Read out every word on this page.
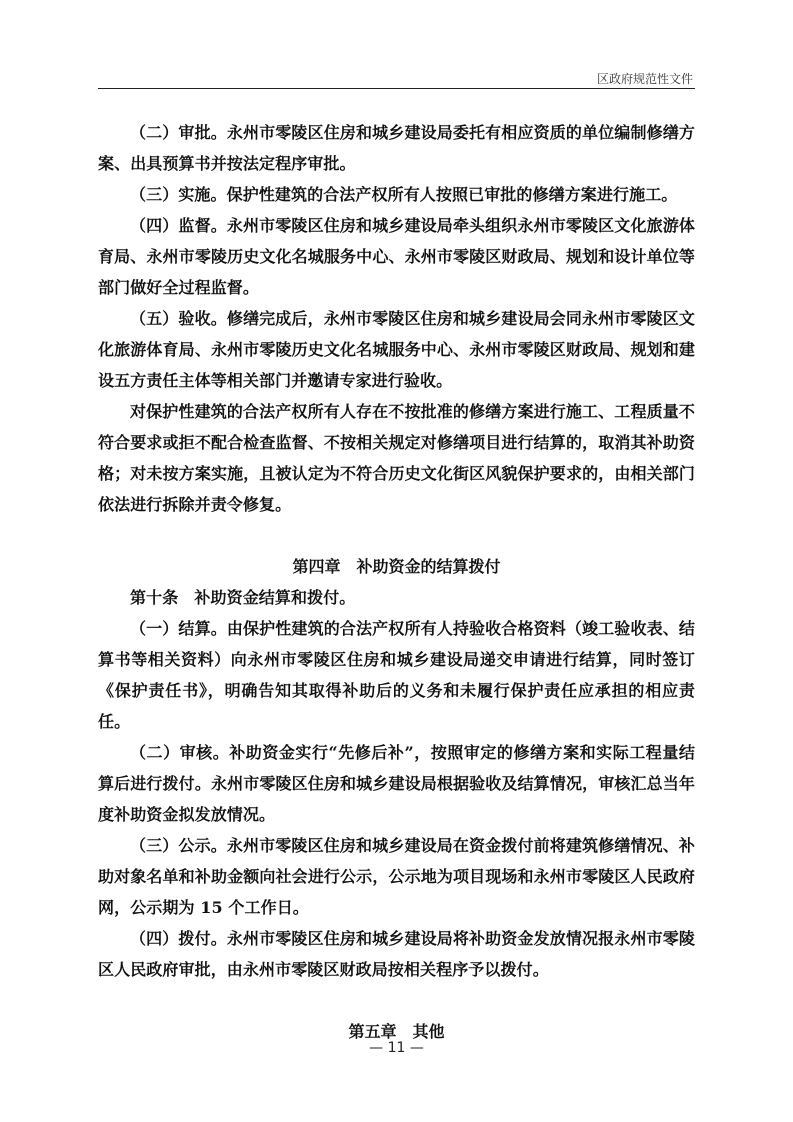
区政府规范性文件

（二）审批。永州市零陵区住房和城乡建设局委托有相应资质的单位编制修缮方案、出具预算书并按法定程序审批。

（三）实施。保护性建筑的合法产权所有人按照已审批的修缮方案进行施工。

（四）监督。永州市零陵区住房和城乡建设局牵头组织永州市零陵区文化旅游体育局、永州市零陵历史文化名城服务中心、永州市零陵区财政局、规划和设计单位等部门做好全过程监督。

（五）验收。修缮完成后，永州市零陵区住房和城乡建设局会同永州市零陵区文化旅游体育局、永州市零陵历史文化名城服务中心、永州市零陵区财政局、规划和建设五方责任主体等相关部门并邀请专家进行验收。

对保护性建筑的合法产权所有人存在不按批准的修缮方案进行施工、工程质量不符合要求或拒不配合检查监督、不按相关规定对修缮项目进行结算的，取消其补助资格；对未按方案实施，且被认定为不符合历史文化街区风貌保护要求的，由相关部门依法进行拆除并责令修复。

第四章　补助资金的结算拨付

第十条　补助资金结算和拨付。

（一）结算。由保护性建筑的合法产权所有人持验收合格资料（竣工验收表、结算书等相关资料）向永州市零陵区住房和城乡建设局递交申请进行结算，同时签订《保护责任书》，明确告知其取得补助后的义务和未履行保护责任应承担的相应责任。

（二）审核。补助资金实行“先修后补”，按照审定的修缮方案和实际工程量结算后进行拨付。永州市零陵区住房和城乡建设局根据验收及结算情况，审核汇总当年度补助资金拟发放情况。

（三）公示。永州市零陵区住房和城乡建设局在资金拨付前将建筑修缮情况、补助对象名单和补助金额向社会进行公示，公示地为项目现场和永州市零陵区人民政府网，公示期为 15 个工作日。

（四）拨付。永州市零陵区住房和城乡建设局将补助资金发放情况报永州市零陵区人民政府审批，由永州市零陵区财政局按相关程序予以拨付。

第五章　其他
— 11 —
